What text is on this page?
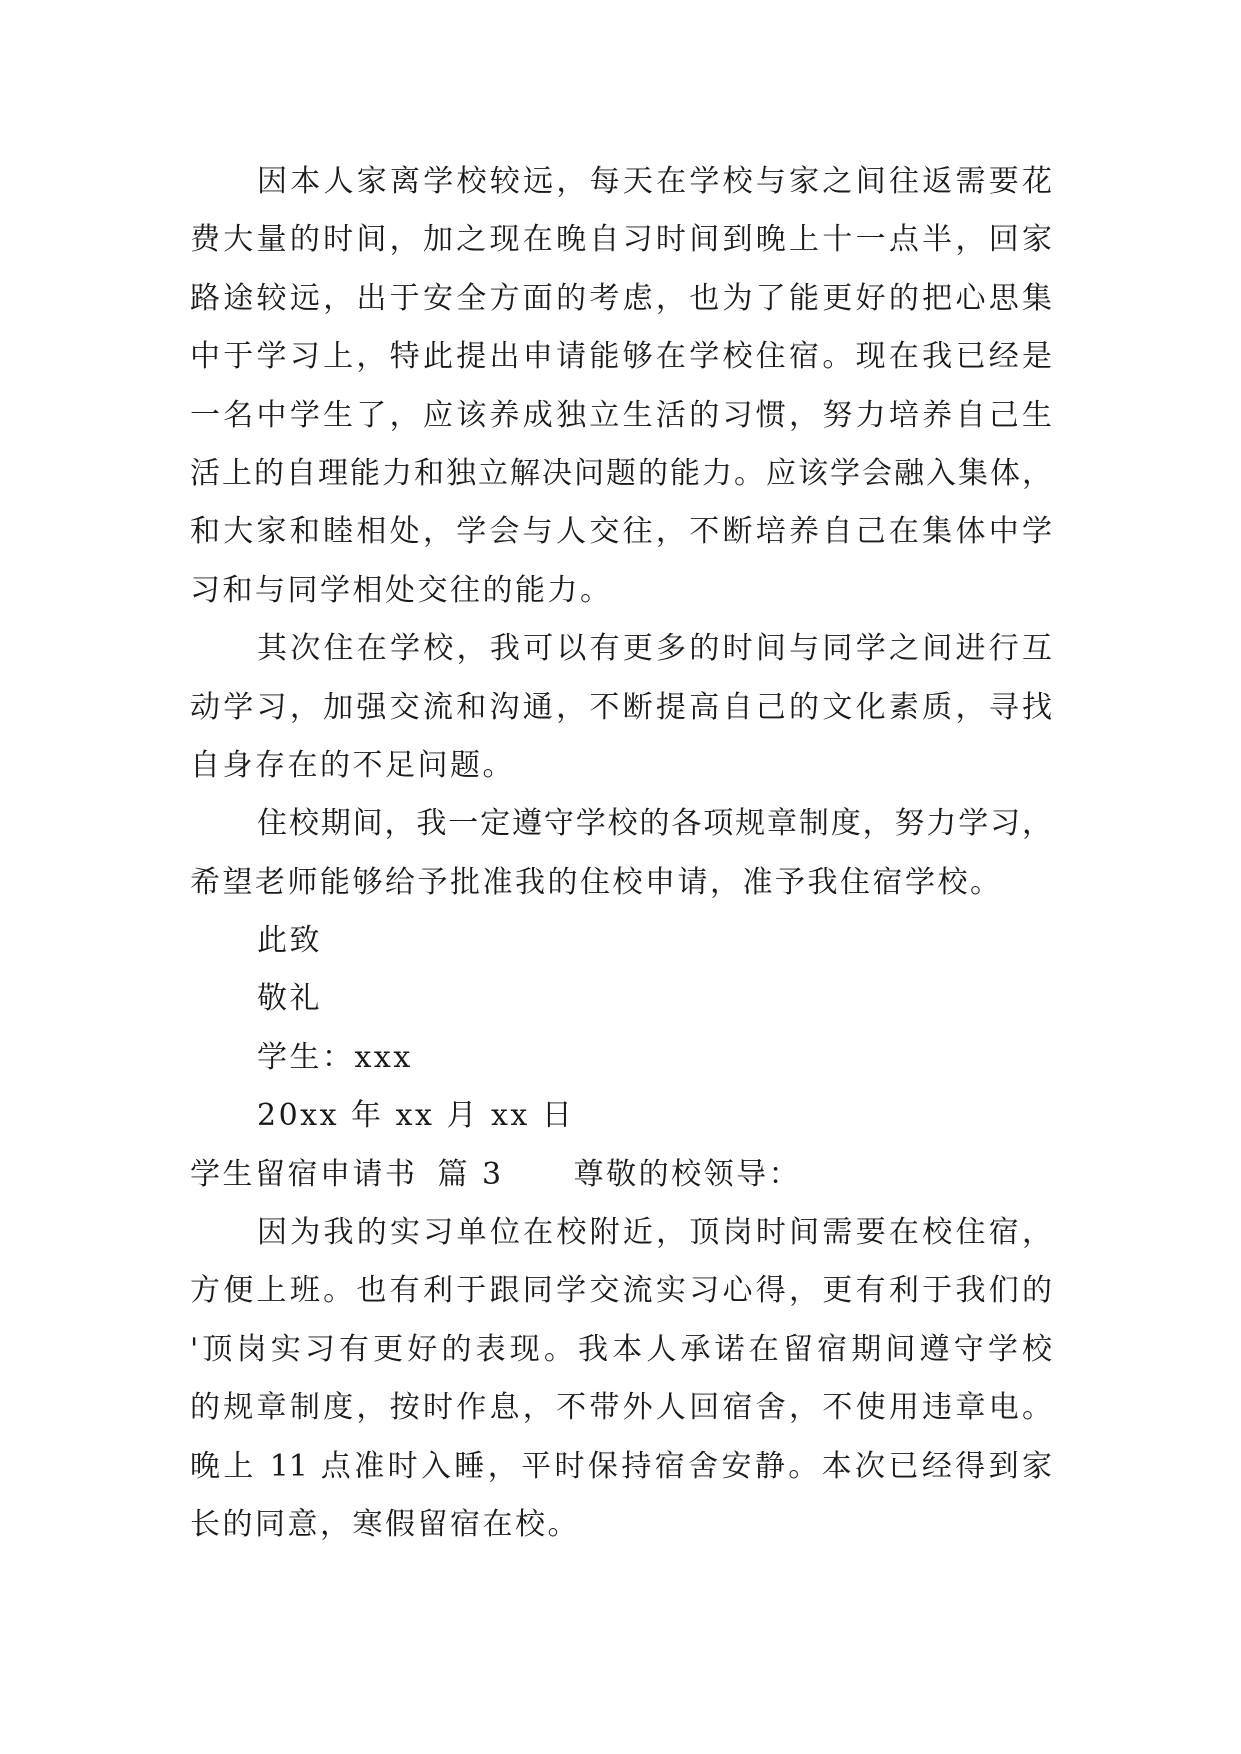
因本人家离学校较远，每天在学校与家之间往返需要花
费大量的时间，加之现在晚自习时间到晚上十一点半，回家
路途较远，出于安全方面的考虑，也为了能更好的把心思集
中于学习上，特此提出申请能够在学校住宿。现在我已经是
一名中学生了，应该养成独立生活的习惯，努力培养自己生
活上的自理能力和独立解决问题的能力。应该学会融入集体，
和大家和睦相处，学会与人交往，不断培养自己在集体中学
习和与同学相处交往的能力。
其次住在学校，我可以有更多的时间与同学之间进行互
动学习，加强交流和沟通，不断提高自己的文化素质，寻找
自身存在的不足问题。
住校期间，我一定遵守学校的各项规章制度，努力学习，
希望老师能够给予批准我的住校申请，准予我住宿学校。
此致
敬礼
学生：xxx
20xx 年 xx 月 xx 日
学生留宿申请书 篇 3 尊敬的校领导：
因为我的实习单位在校附近，顶岗时间需要在校住宿，
方便上班。也有利于跟同学交流实习心得，更有利于我们的
'顶岗实习有更好的表现。我本人承诺在留宿期间遵守学校
的规章制度，按时作息，不带外人回宿舍，不使用违章电。
晚上 11 点准时入睡，平时保持宿舍安静。本次已经得到家
长的同意，寒假留宿在校。
